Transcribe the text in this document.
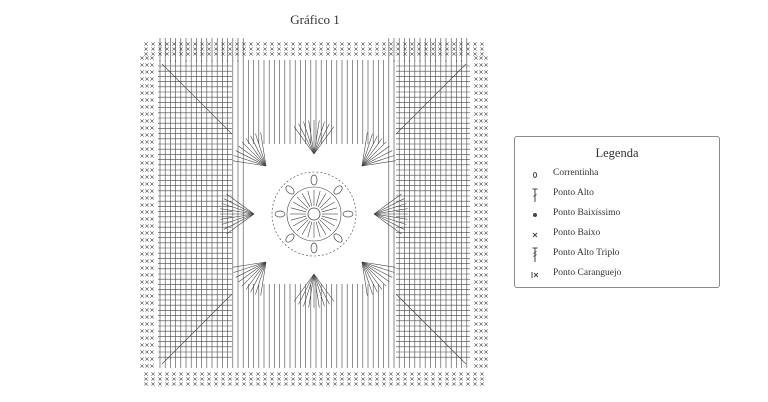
Gráfico 1
Legenda
Correntinha
Ponto Alto
Ponto Baixíssimo
Ponto Baixo
Ponto Alto Triplo
Ponto Caranguejo
